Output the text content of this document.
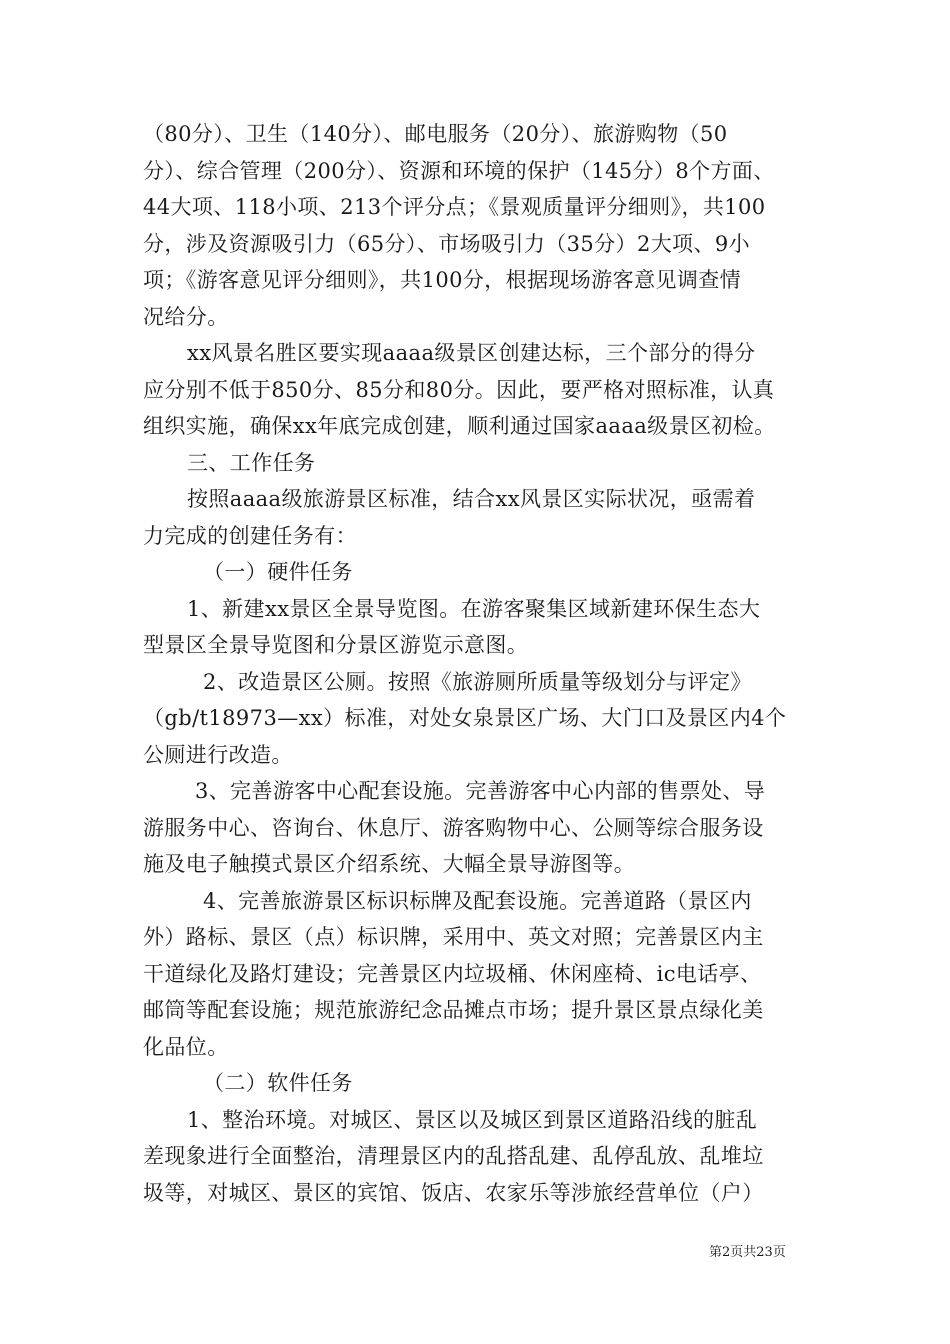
（80分）、卫生（140分）、邮电服务（20分）、旅游购物（50
分）、综合管理（200分）、资源和环境的保护（145分）8个方面、
44大项、118小项、213个评分点；《景观质量评分细则》，共100
分，涉及资源吸引力（65分）、市场吸引力（35分）2大项、9小
项；《游客意见评分细则》，共100分，根据现场游客意见调查情
况给分。
xx风景名胜区要实现aaaa级景区创建达标，三个部分的得分
应分别不低于850分、85分和80分。因此，要严格对照标准，认真
组织实施，确保xx年底完成创建，顺利通过国家aaaa级景区初检。
三、工作任务
按照aaaa级旅游景区标准，结合xx风景区实际状况，亟需着
力完成的创建任务有：
（一）硬件任务
1、新建xx景区全景导览图。在游客聚集区域新建环保生态大
型景区全景导览图和分景区游览示意图。
2、改造景区公厕。按照《旅游厕所质量等级划分与评定》
（gb/t18973—xx）标准，对处女泉景区广场、大门口及景区内4个
公厕进行改造。
3、完善游客中心配套设施。完善游客中心内部的售票处、导
游服务中心、咨询台、休息厅、游客购物中心、公厕等综合服务设
施及电子触摸式景区介绍系统、大幅全景导游图等。
4、完善旅游景区标识标牌及配套设施。完善道路（景区内
外）路标、景区（点）标识牌，采用中、英文对照；完善景区内主
干道绿化及路灯建设；完善景区内垃圾桶、休闲座椅、ic电话亭、
邮筒等配套设施；规范旅游纪念品摊点市场；提升景区景点绿化美
化品位。
（二）软件任务
1、整治环境。对城区、景区以及城区到景区道路沿线的脏乱
差现象进行全面整治，清理景区内的乱搭乱建、乱停乱放、乱堆垃
圾等，对城区、景区的宾馆、饭店、农家乐等涉旅经营单位（户）
第2页共23页
